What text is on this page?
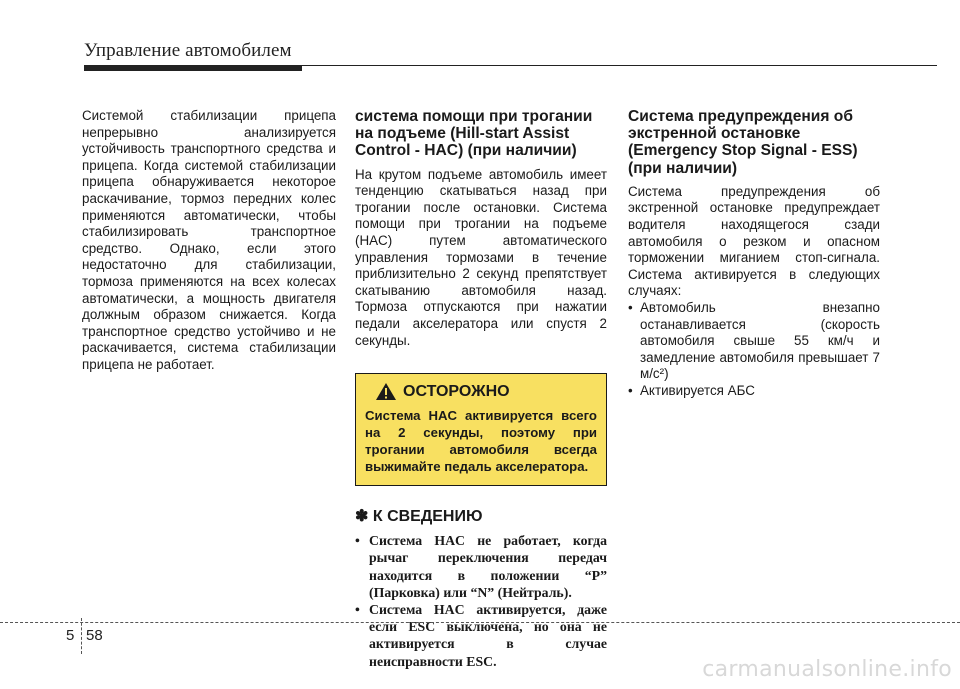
Управление автомобилем

Системой стабилизации прицепа непрерывно анализируется устойчивость транспортного средства и прицепа. Когда системой стабилизации прицепа обнаруживается некоторое раскачивание, тормоз передних колес применяются автоматически, чтобы стабилизировать транспортное средство. Однако, если этого недостаточно для стабилизации, тормоза применяются на всех колесах автоматически, а мощность двигателя должным образом снижается. Когда транспортное средство устойчиво и не раскачивается, система стабилизации прицепа не работает.

система помощи при трогании на подъеме (Hill-start Assist Control - HAC) (при наличии)

На крутом подъеме автомобиль имеет тенденцию скатываться назад при трогании после остановки. Система помощи при трогании на подъеме (HAC) путем автоматического управления тормозами в течение приблизительно 2 секунд препятствует скатыванию автомобиля назад. Тормоза отпускаются при нажатии педали акселератора или спустя 2 секунды.

ОСТОРОЖНО
Система HAC активируется всего на 2 секунды, поэтому при трогании автомобиля всегда выжимайте педаль акселератора.
✽ К СВЕДЕНИЮ
• Система HAC не работает, когда рычаг переключения передач находится в положении “P” (Парковка) или “N” (Нейтраль).
• Система HAC активируется, даже если ESC выключена, но она не активируется в случае неисправности ESC.
Система предупреждения об экстренной остановке (Emergency Stop Signal - ESS) (при наличии)

Система предупреждения об экстренной остановке предупреждает водителя находящегося сзади автомобиля о резком и опасном торможении миганием стоп-сигнала. Система активируется в следующих случаях:

• Автомобиль внезапно останавливается (скорость автомобиля свыше 55 км/ч и замедление автомобиля превышает 7 м/с²)
• Активируется АБС
5 58
carmanualsonline.info
